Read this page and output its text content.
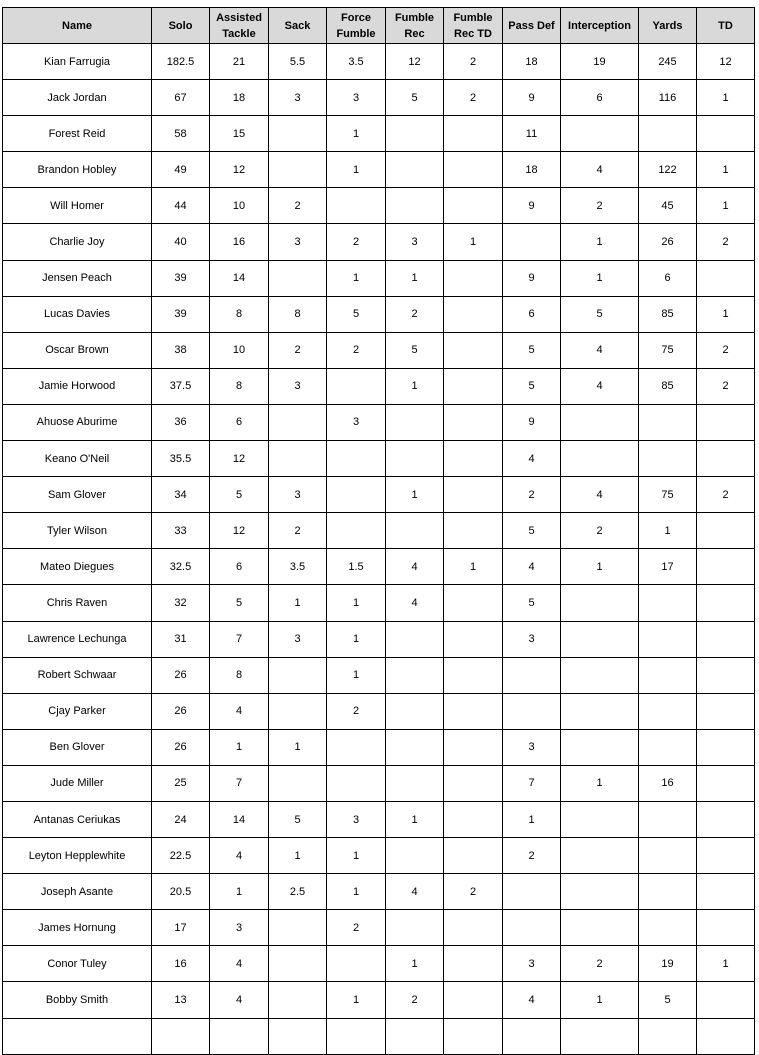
Name	Solo	Assisted Tackle	Sack	Force Fumble	Fumble Rec	Fumble Rec TD	Pass Def	Interception	Yards	TD
Kian Farrugia	182.5	21	5.5	3.5	12	2	18	19	245	12
Jack Jordan	67	18	3	3	5	2	9	6	116	1
Forest Reid	58	15		1			11			
Brandon Hobley	49	12		1			18	4	122	1
Will Homer	44	10	2				9	2	45	1
Charlie Joy	40	16	3	2	3	1		1	26	2
Jensen Peach	39	14		1	1		9	1	6	
Lucas Davies	39	8	8	5	2		6	5	85	1
Oscar Brown	38	10	2	2	5		5	4	75	2
Jamie Horwood	37.5	8	3		1		5	4	85	2
Ahuose Aburime	36	6		3			9			
Keano O'Neil	35.5	12					4			
Sam Glover	34	5	3		1		2	4	75	2
Tyler Wilson	33	12	2				5	2	1	
Mateo Diegues	32.5	6	3.5	1.5	4	1	4	1	17	
Chris Raven	32	5	1	1	4		5			
Lawrence Lechunga	31	7	3	1			3			
Robert Schwaar	26	8		1						
Cjay Parker	26	4		2						
Ben Glover	26	1	1				3			
Jude Miller	25	7					7	1	16	
Antanas Ceriukas	24	14	5	3	1		1			
Leyton Hepplewhite	22.5	4	1	1			2			
Joseph Asante	20.5	1	2.5	1	4	2				
James Hornung	17	3		2						
Conor Tuley	16	4			1		3	2	19	1
Bobby Smith	13	4		1	2		4	1	5	
